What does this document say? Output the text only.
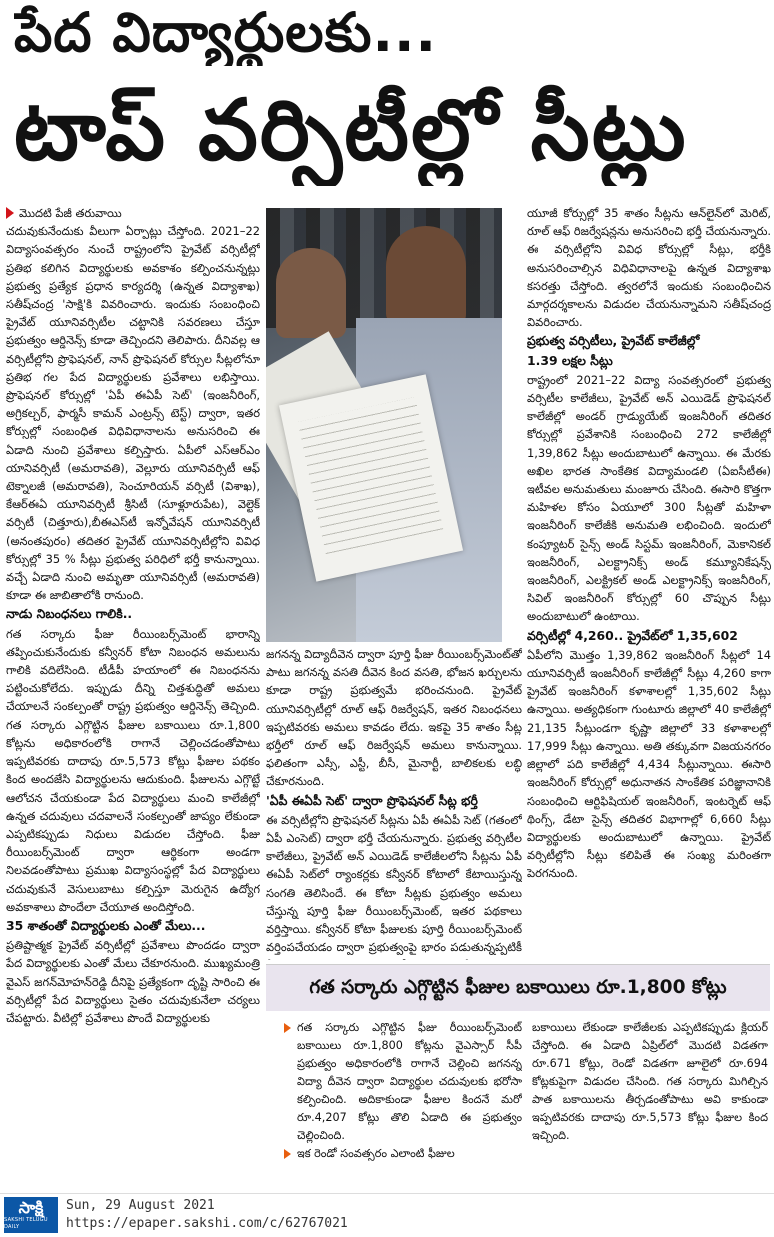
పేద విద్యార్థులకు...
టాప్ వర్సిటీల్లో సీట్లు
మొదటి పేజీ తరువాయి

చదువుకునేందుకు వీలుగా ఏర్పాట్లు చేస్తోంది. 2021–22 విద్యాసంవత్సరం నుంచే రాష్ట్రంలోని ప్రైవేట్ వర్సిటీల్లో ప్రతిభ కలిగిన విద్యార్థులకు అవకాశం కల్పించనున్నట్లు ప్రభుత్వ ప్రత్యేక ప్రధాన కార్యదర్శి (ఉన్నత విద్యాశాఖ) సతీష్‌చంద్ర 'సాక్షి'కి వివరించారు. ఇందుకు సంబంధించి ప్రైవేట్ యూనివర్సిటీల చట్టానికి సవరణలు చేస్తూ ప్రభుత్వం ఆర్డినెన్స్ కూడా తెచ్చిందని తెలిపారు. దీనివల్ల ఆ వర్సిటీల్లోని ప్రొఫెషనల్, నాన్ ప్రొఫెషనల్ కోర్సుల సీట్లలోనూ ప్రతిభ గల పేద విద్యార్థులకు ప్రవేశాలు లభిస్తాయి. ప్రొఫెషనల్ కోర్సుల్లో 'ఏపీ ఈఏపీ సెట్' (ఇంజనీరింగ్, అగ్రికల్చర్, ఫార్మసీ కామన్ ఎంట్రన్స్ టెస్ట్) ద్వారా, ఇతర కోర్సుల్లో సంబంధిత విధివిధానాలను అనుసరించి ఈ ఏడాది నుంచి ప్రవేశాలు కల్పిస్తారు. ఏపీలో ఎస్ఆర్ఎం యానివర్సిటీ (అమరావతి), వెల్లూరు యూనివర్సిటీ ఆఫ్ టెక్నాలజీ (అమరావతి), సెంచూరియన్ వర్సిటీ (విశాఖ), కేఆర్ఈఏ యూనివర్సిటీ శ్రీసిటీ (సూళ్లూరుపేట), వెల్టెక్ వర్సిటీ (చిత్తూరు),బీఈఎస్‌టీ ఇన్నోవేషన్ యూనివర్సిటీ (అనంతపురం) తదితర ప్రైవేట్ యూనివర్సిటీల్లోని వివిధ కోర్సుల్లో 35 % సీట్లు ప్రభుత్వ పరిధిలో భర్తీ కానున్నాయి. వచ్చే ఏడాది నుంచి అమృతా యూనివర్సిటీ (అమరావతి) కూడా ఈ జాబితాలోకి రానుంది.

నాడు నిబంధనలు గాలికి..

గత సర్కారు ఫీజు రీయింబర్స్‌మెంట్ భారాన్ని తప్పించుకునేందుకు కన్వీనర్ కోటా నిబంధన అమలును గాలికి వదిలేసింది. టీడీపీ హయాంలో ఈ నిబంధనను పట్టించుకోలేదు. ఇప్పుడు దీన్ని చిత్తశుద్ధితో అమలు చేయాలనే సంకల్పంతో రాష్ట్ర ప్రభుత్వం ఆర్డినెన్స్ తెచ్చింది. గత సర్కారు ఎగ్గొట్టిన ఫీజుల బకాయిలు రూ.1,800 కోట్లను అధికారంలోకి రాగానే చెల్లించడంతోపాటు ఇప్పటివరకు దాదాపు రూ.5,573 కోట్లు ఫీజుల పథకం కింద అందజేసి విద్యార్థులను ఆదుకుంది. ఫీజులను ఎగ్గొట్టే ఆలోచన చేయకుండా పేద విద్యార్థులు మంచి కాలేజీల్లో ఉన్నత చదువులు చదవాలనే సంకల్పంతో జాప్యం లేకుండా ఎప్పటికప్పుడు నిధులు విడుదల చేస్తోంది. ఫీజు రీయింబర్స్‌మెంట్ ద్వారా ఆర్థికంగా అండగా నిలవడంతోపాటు ప్రముఖ విద్యాసంస్థల్లో పేద విద్యార్థులు చదువుకునే వెసులుబాటు కల్పిస్తూ మెరుగైన ఉద్యోగ అవకాశాలు పొందేలా చేయూత అందిస్తోంది.

35 శాతంతో విద్యార్థులకు ఎంతో మేలు...

ప్రతిష్టాత్మక ప్రైవేట్ వర్సిటీల్లో ప్రవేశాలు పొందడం ద్వారా పేద విద్యార్థులకు ఎంతో మేలు చేకూరనుంది. ముఖ్యమంత్రి వైఎస్ జగన్‌మోహన్‌రెడ్డి దీనిపై ప్రత్యేకంగా దృష్టి సారించి ఈ వర్సిటీల్లో పేద విద్యార్థులు సైతం చదువుకునేలా చర్యలు చేపట్టారు. వీటిల్లో ప్రవేశాలు పొందే విద్యార్థులకు

జగనన్న విద్యాదీవెన ద్వారా పూర్తి ఫీజు రీయింబర్స్‌మెంట్‌తో పాటు జగనన్న వసతి దీవెన కింద వసతి, భోజన ఖర్చులను కూడా రాష్ట్ర ప్రభుత్వమే భరించనుంది. ప్రైవేట్ యూనివర్సిటీల్లో రూల్ ఆఫ్ రిజర్వేషన్, ఇతర నిబంధనలు ఇప్పటివరకు అమలు కావడం లేదు. ఇకపై 35 శాతం సీట్ల భర్తీలో రూల్ ఆఫ్ రిజర్వేషన్ అమలు కానున్నాయి. ఫలితంగా ఎస్సీ, ఎస్టీ, బీసీ, మైనార్టీ, బాలికలకు లబ్ధి చేకూరనుంది.

'ఏపీ ఈఏపీ సెట్' ద్వారా ప్రొఫెషనల్ సీట్ల భర్తీ

ఈ వర్సిటీల్లోని ప్రొఫెషనల్ సీట్లను ఏపీ ఈఏపీ సెట్ (గతంలో ఏపీ ఎంసెట్) ద్వారా భర్తీ చేయనున్నారు. ప్రభుత్వ వర్సిటీల కాలేజీలు, ప్రైవేట్ అన్ ఎయిడెడ్ కాలేజీలలోని సీట్లను ఏపీ ఈఏపీ సెట్‌లో ర్యాంకర్లకు కన్వీనర్ కోటాలో కేటాయిస్తున్న సంగతి తెలిసిందే. ఈ కోటా సీట్లకు ప్రభుత్వం అమలు చేస్తున్న పూర్తి ఫీజు రీయింబర్స్‌మెంట్, ఇతర పథకాలు వర్తిస్తాయి. కన్వీనర్ కోటా ఫీజులకు పూర్తి రీయింబర్స్‌మెంట్ వర్తింపచేయడం ద్వారా ప్రభుత్వంపై భారం పడుతున్నప్పటికీ

యూజీ కోర్సుల్లో 35 శాతం సీట్లను ఆన్‌లైన్‌లో మెరిట్, రూల్ ఆఫ్ రిజర్వేషన్లను అనుసరించి భర్తీ చేయనున్నారు. ఈ వర్సిటీల్లోని వివిధ కోర్సుల్లో సీట్లు, భర్తీకి అనుసరించాల్సిన విధివిధానాలపై ఉన్నత విద్యాశాఖ కసరత్తు చేస్తోంది. త్వరలోనే ఇందుకు సంబంధించిన మార్గదర్శకాలను విడుదల చేయనున్నామని సతీష్‌చంద్ర వివరించారు.

ప్రభుత్వ వర్సిటీలు, ప్రైవేట్ కాలేజీల్లో
1.39 లక్షల సీట్లు

రాష్ట్రంలో 2021–22 విద్యా సంవత్సరంలో ప్రభుత్వ వర్సిటీల కాలేజీలు, ప్రైవేట్ అన్ ఎయిడెడ్ ప్రొఫెషనల్ కాలేజీల్లో అండర్ గ్రాడ్యుయేట్ ఇంజనీరింగ్ తదితర కోర్సుల్లో ప్రవేశానికి సంబంధించి 272 కాలేజీల్లో 1,39,862 సీట్లు అందుబాటులో ఉన్నాయి. ఈ మేరకు అఖిల భారత సాంకేతిక విద్యామండలి (ఏఐసీటీఈ) ఇటీవల అనుమతులు మంజూరు చేసింది. ఈసారి కొత్తగా మహిళల కోసం ఏయూలో 300 సీట్లతో మహిళా ఇంజనీరింగ్ కాలేజీకి అనుమతి లభించింది. ఇందులో కంప్యూటర్ సైన్స్ అండ్ సిస్టమ్ ఇంజనీరింగ్, మెకానికల్ ఇంజనీరింగ్, ఎలక్ట్రానిక్స్ అండ్ కమ్యూనికేషన్స్ ఇంజనీరింగ్, ఎలక్ట్రికల్ అండ్ ఎలక్ట్రానిక్స్ ఇంజనీరింగ్, సివిల్ ఇంజనీరింగ్ కోర్సుల్లో 60 చొప్పున సీట్లు అందుబాటులో ఉంటాయి.

వర్సిటీల్లో 4,260.. ప్రైవేట్‌లో 1,35,602

ఏపీలోని మొత్తం 1,39,862 ఇంజనీరింగ్ సీట్లలో 14 యూనివర్సిటీ ఇంజనీరింగ్ కాలేజీల్లో సీట్లు 4,260 కాగా ప్రైవేట్ ఇంజనీరింగ్ కళాశాలల్లో 1,35,602 సీట్లు ఉన్నాయి. అత్యధికంగా గుంటూరు జిల్లాలో 40 కాలేజీల్లో 21,135 సీట్లుండగా కృష్ణా జిల్లాలో 33 కళాశాలల్లో 17,999 సీట్లు ఉన్నాయి. అతి తక్కువగా విజయనగరం జిల్లాలో పది కాలేజీల్లో 4,434 సీట్లున్నాయి. ఈసారి ఇంజనీరింగ్ కోర్సుల్లో అధునాతన సాంకేతిక పరిజ్ఞానానికి సంబంధించి ఆర్టిఫిషియల్ ఇంజనీరింగ్, ఇంటర్నెట్ ఆఫ్ థింగ్స్, డేటా సైన్స్ తదితర విభాగాల్లో 6,660 సీట్లు విద్యార్థులకు అందుబాటులో ఉన్నాయి. ప్రైవేట్ వర్సిటీల్లోని సీట్లు కలిపితే ఈ సంఖ్య మరింతగా పెరగనుంది.

గత సర్కారు ఎగ్గొట్టిన ఫీజుల బకాయిలు రూ.1,800 కోట్లు

గత సర్కారు ఎగ్గొట్టిన ఫీజు రీయింబర్స్‌మెంట్ బకాయిలు రూ.1,800 కోట్లను వైఎస్సార్ సీపీ ప్రభుత్వం అధికారంలోకి రాగానే చెల్లించి జగనన్న విద్యా దీవెన ద్వారా విద్యార్థుల చదువులకు భరోసా కల్పించింది. అదికాకుండా ఫీజుల కిందనే మరో రూ.4,207 కోట్లు తొలి ఏడాది ఈ ప్రభుత్వం చెల్లించింది.

ఇక రెండో సంవత్సరం ఎలాంటి ఫీజుల

బకాయిలు లేకుండా కాలేజీలకు ఎప్పటికప్పుడు క్లియర్ చేస్తోంది. ఈ ఏడాది ఏప్రిల్‌లో మొదటి విడతగా రూ.671 కోట్లు, రెండో విడతగా జూలైలో రూ.694 కోట్లకుపైగా విడుదల చేసింది. గత సర్కారు మిగిల్చిన పాత బకాయిలను తీర్చడంతోపాటు అవి కాకుండా ఇప్పటివరకు దాదాపు రూ.5,573 కోట్లు ఫీజుల కింద ఇచ్చింది.

సాక్షి
SAKSHI TELUGU DAILY
Sun, 29 August 2021
https://epaper.sakshi.com/c/62767021
